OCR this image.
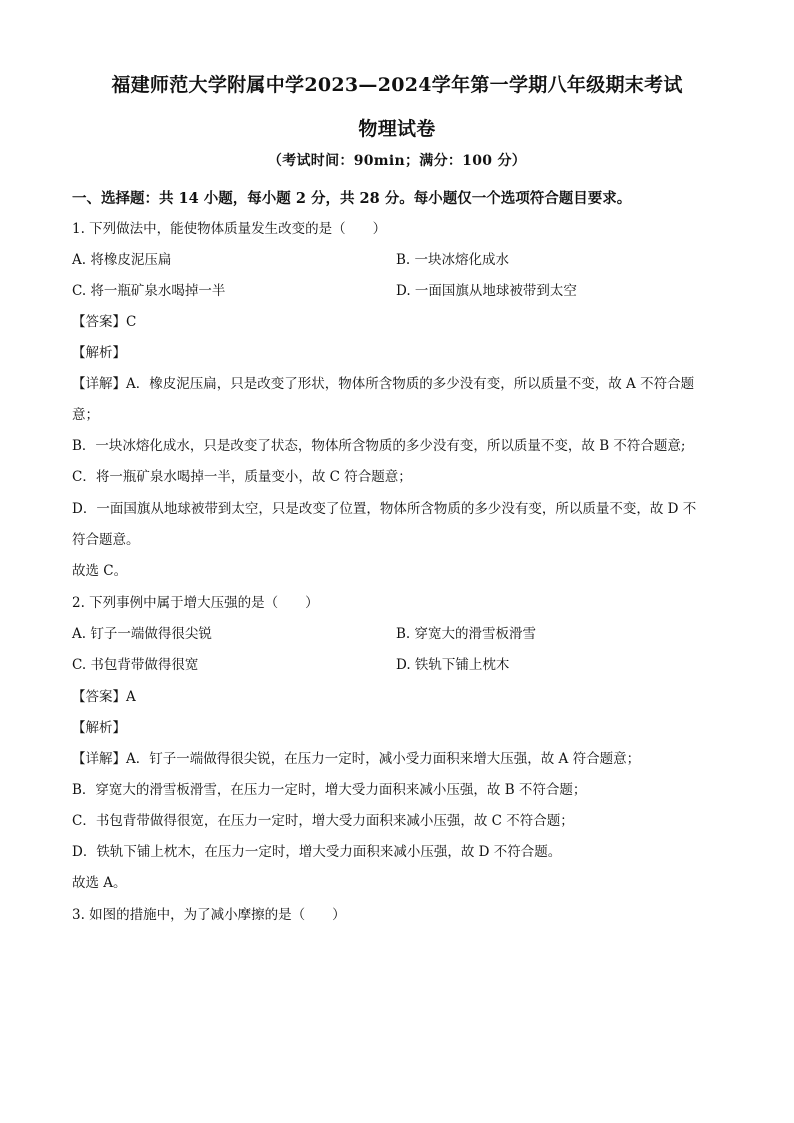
福建师范大学附属中学2023—2024学年第一学期八年级期末考试
物理试卷
（考试时间：90min；满分：100 分）
一、选择题：共 14 小题，每小题 2 分，共 28 分。每小题仅一个选项符合题目要求。
1. 下列做法中，能使物体质量发生改变的是（　　）
A. 将橡皮泥压扁	B. 一块冰熔化成水
C. 将一瓶矿泉水喝掉一半	D. 一面国旗从地球被带到太空
【答案】C
【解析】
【详解】A．橡皮泥压扁，只是改变了形状，物体所含物质的多少没有变，所以质量不变，故 A 不符合题
意；
B．一块冰熔化成水，只是改变了状态，物体所含物质的多少没有变，所以质量不变，故 B 不符合题意;
C．将一瓶矿泉水喝掉一半，质量变小，故 C 符合题意；
D．一面国旗从地球被带到太空，只是改变了位置，物体所含物质的多少没有变，所以质量不变，故 D 不
符合题意。
故选 C。
2. 下列事例中属于增大压强的是（　　）
A. 钉子一端做得很尖锐	B. 穿宽大的滑雪板滑雪
C. 书包背带做得很宽	D. 铁轨下铺上枕木
【答案】A
【解析】
【详解】A．钉子一端做得很尖锐，在压力一定时，减小受力面积来增大压强，故 A 符合题意；
B．穿宽大的滑雪板滑雪，在压力一定时，增大受力面积来减小压强，故 B 不符合题；
C．书包背带做得很宽，在压力一定时，增大受力面积来减小压强，故 C 不符合题；
D．铁轨下铺上枕木，在压力一定时，增大受力面积来减小压强，故 D 不符合题。
故选 A。
3. 如图的措施中，为了减小摩擦的是（　　）
